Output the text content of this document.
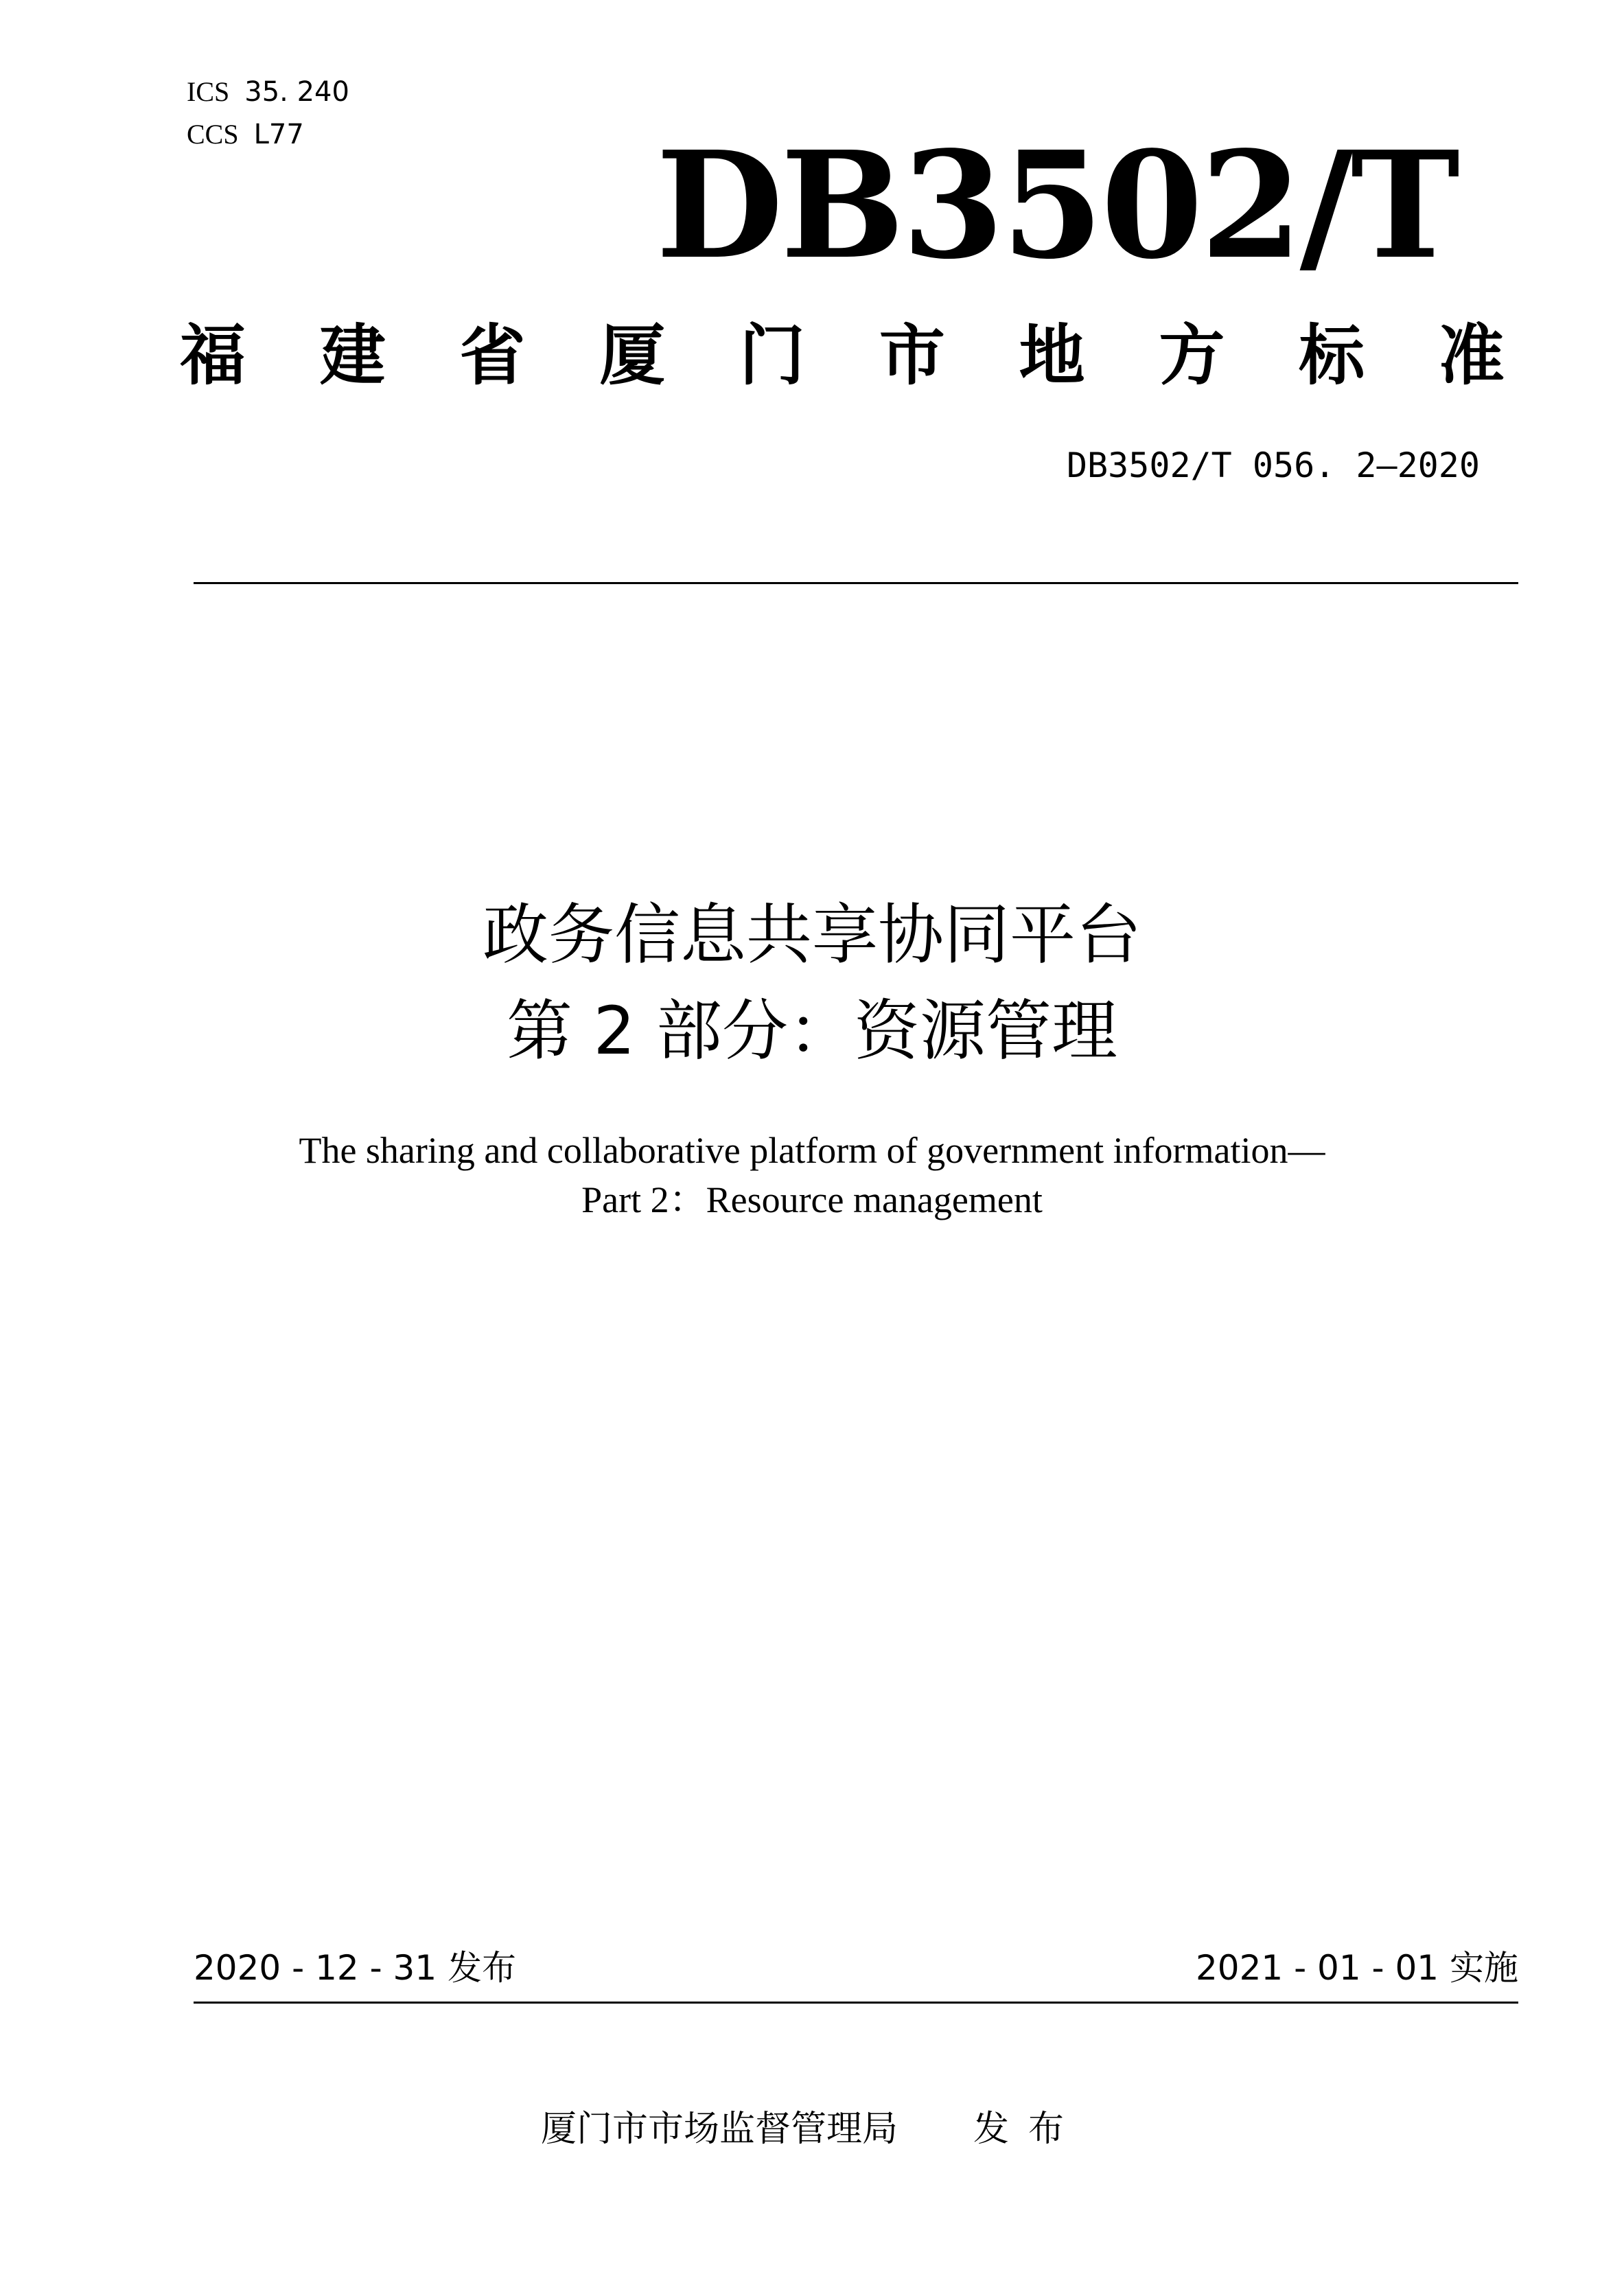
ICS 35. 240
CCS L77 DB3502/T
福 建 省 厦 门 市 地 方 标 准
DB3502/T 056. 2—2020
政务信息共享协同平台
第 2 部分：资源管理
The sharing and collaborative platform of government information—
Part 2：Resource management
2020 - 12 - 31 发布	2021 - 01 - 01 实施
厦门市市场监督管理局 发布
